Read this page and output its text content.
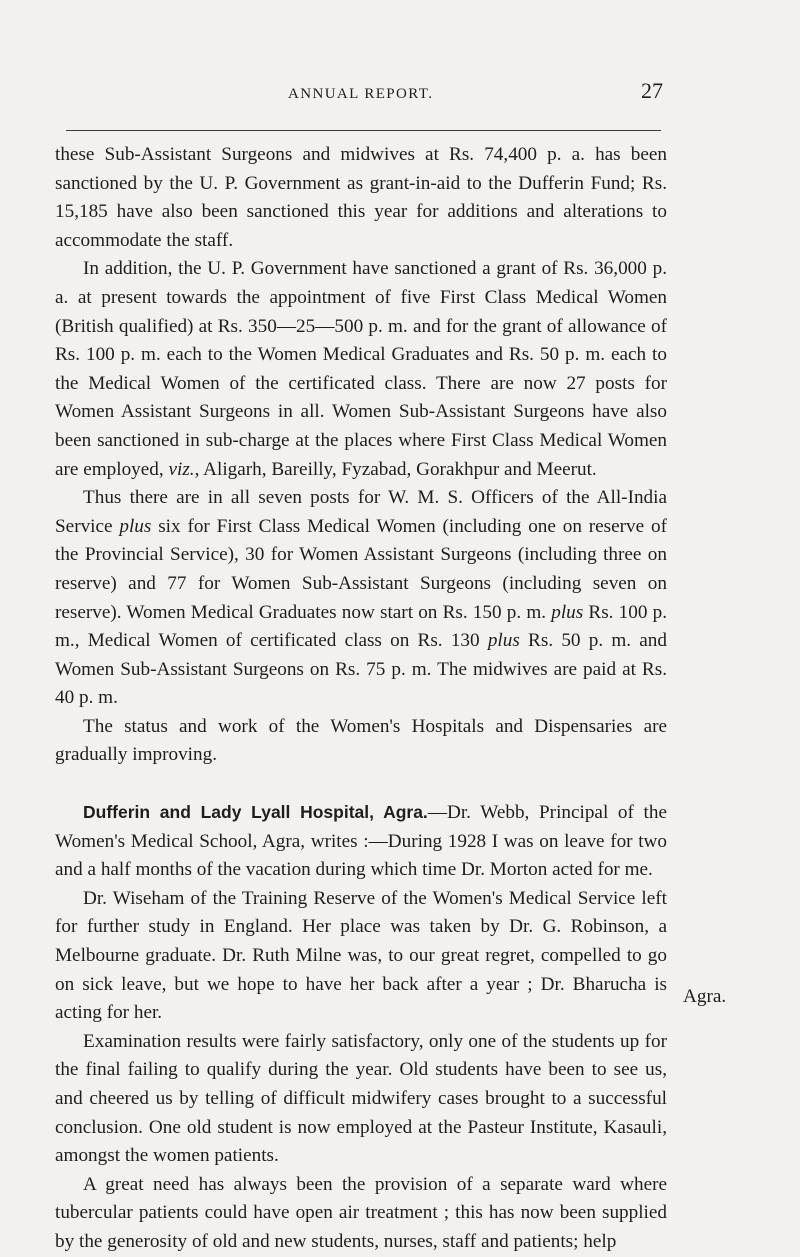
ANNUAL REPORT.	27

these Sub-Assistant Surgeons and midwives at Rs. 74,400 p. a. has been sanctioned by the U. P. Government as grant-in-aid to the Dufferin Fund; Rs. 15,185 have also been sanctioned this year for additions and alterations to accommodate the staff.

In addition, the U. P. Government have sanctioned a grant of Rs. 36,000 p. a. at present towards the appointment of five First Class Medical Women (British qualified) at Rs. 350—25—500 p. m. and for the grant of allowance of Rs. 100 p. m. each to the Women Medical Graduates and Rs. 50 p. m. each to the Medical Women of the certificated class. There are now 27 posts for Women Assistant Surgeons in all. Women Sub-Assistant Surgeons have also been sanctioned in sub-charge at the places where First Class Medical Women are employed, viz., Aligarh, Bareilly, Fyzabad, Gorakhpur and Meerut.

Thus there are in all seven posts for W. M. S. Officers of the All-India Service plus six for First Class Medical Women (including one on reserve of the Provincial Service), 30 for Women Assistant Surgeons (including three on reserve) and 77 for Women Sub-Assistant Surgeons (including seven on reserve). Women Medical Graduates now start on Rs. 150 p. m. plus Rs. 100 p. m., Medical Women of certificated class on Rs. 130 plus Rs. 50 p. m. and Women Sub-Assistant Surgeons on Rs. 75 p. m. The midwives are paid at Rs. 40 p. m.

The status and work of the Women's Hospitals and Dispensaries are gradually improving.

Dufferin and Lady Lyall Hospital, Agra.—Dr. Webb, Principal of the Women's Medical School, Agra, writes :—During 1928 I was on leave for two and a half months of the vacation during which time Dr. Morton acted for me.

Dr. Wiseham of the Training Reserve of the Women's Medical Service left for further study in England. Her place was taken by Dr. G. Robinson, a Melbourne graduate. Dr. Ruth Milne was, to our great regret, compelled to go on sick leave, but we hope to have her back after a year ; Dr. Bharucha is acting for her.

Examination results were fairly satisfactory, only one of the students up for the final failing to qualify during the year. Old students have been to see us, and cheered us by telling of difficult midwifery cases brought to a successful conclusion. One old student is now employed at the Pasteur Institute, Kasauli, amongst the women patients.

A great need has always been the provision of a separate ward where tubercular patients could have open air treatment ; this has now been supplied by the generosity of old and new students, nurses, staff and patients; help

Agra.
